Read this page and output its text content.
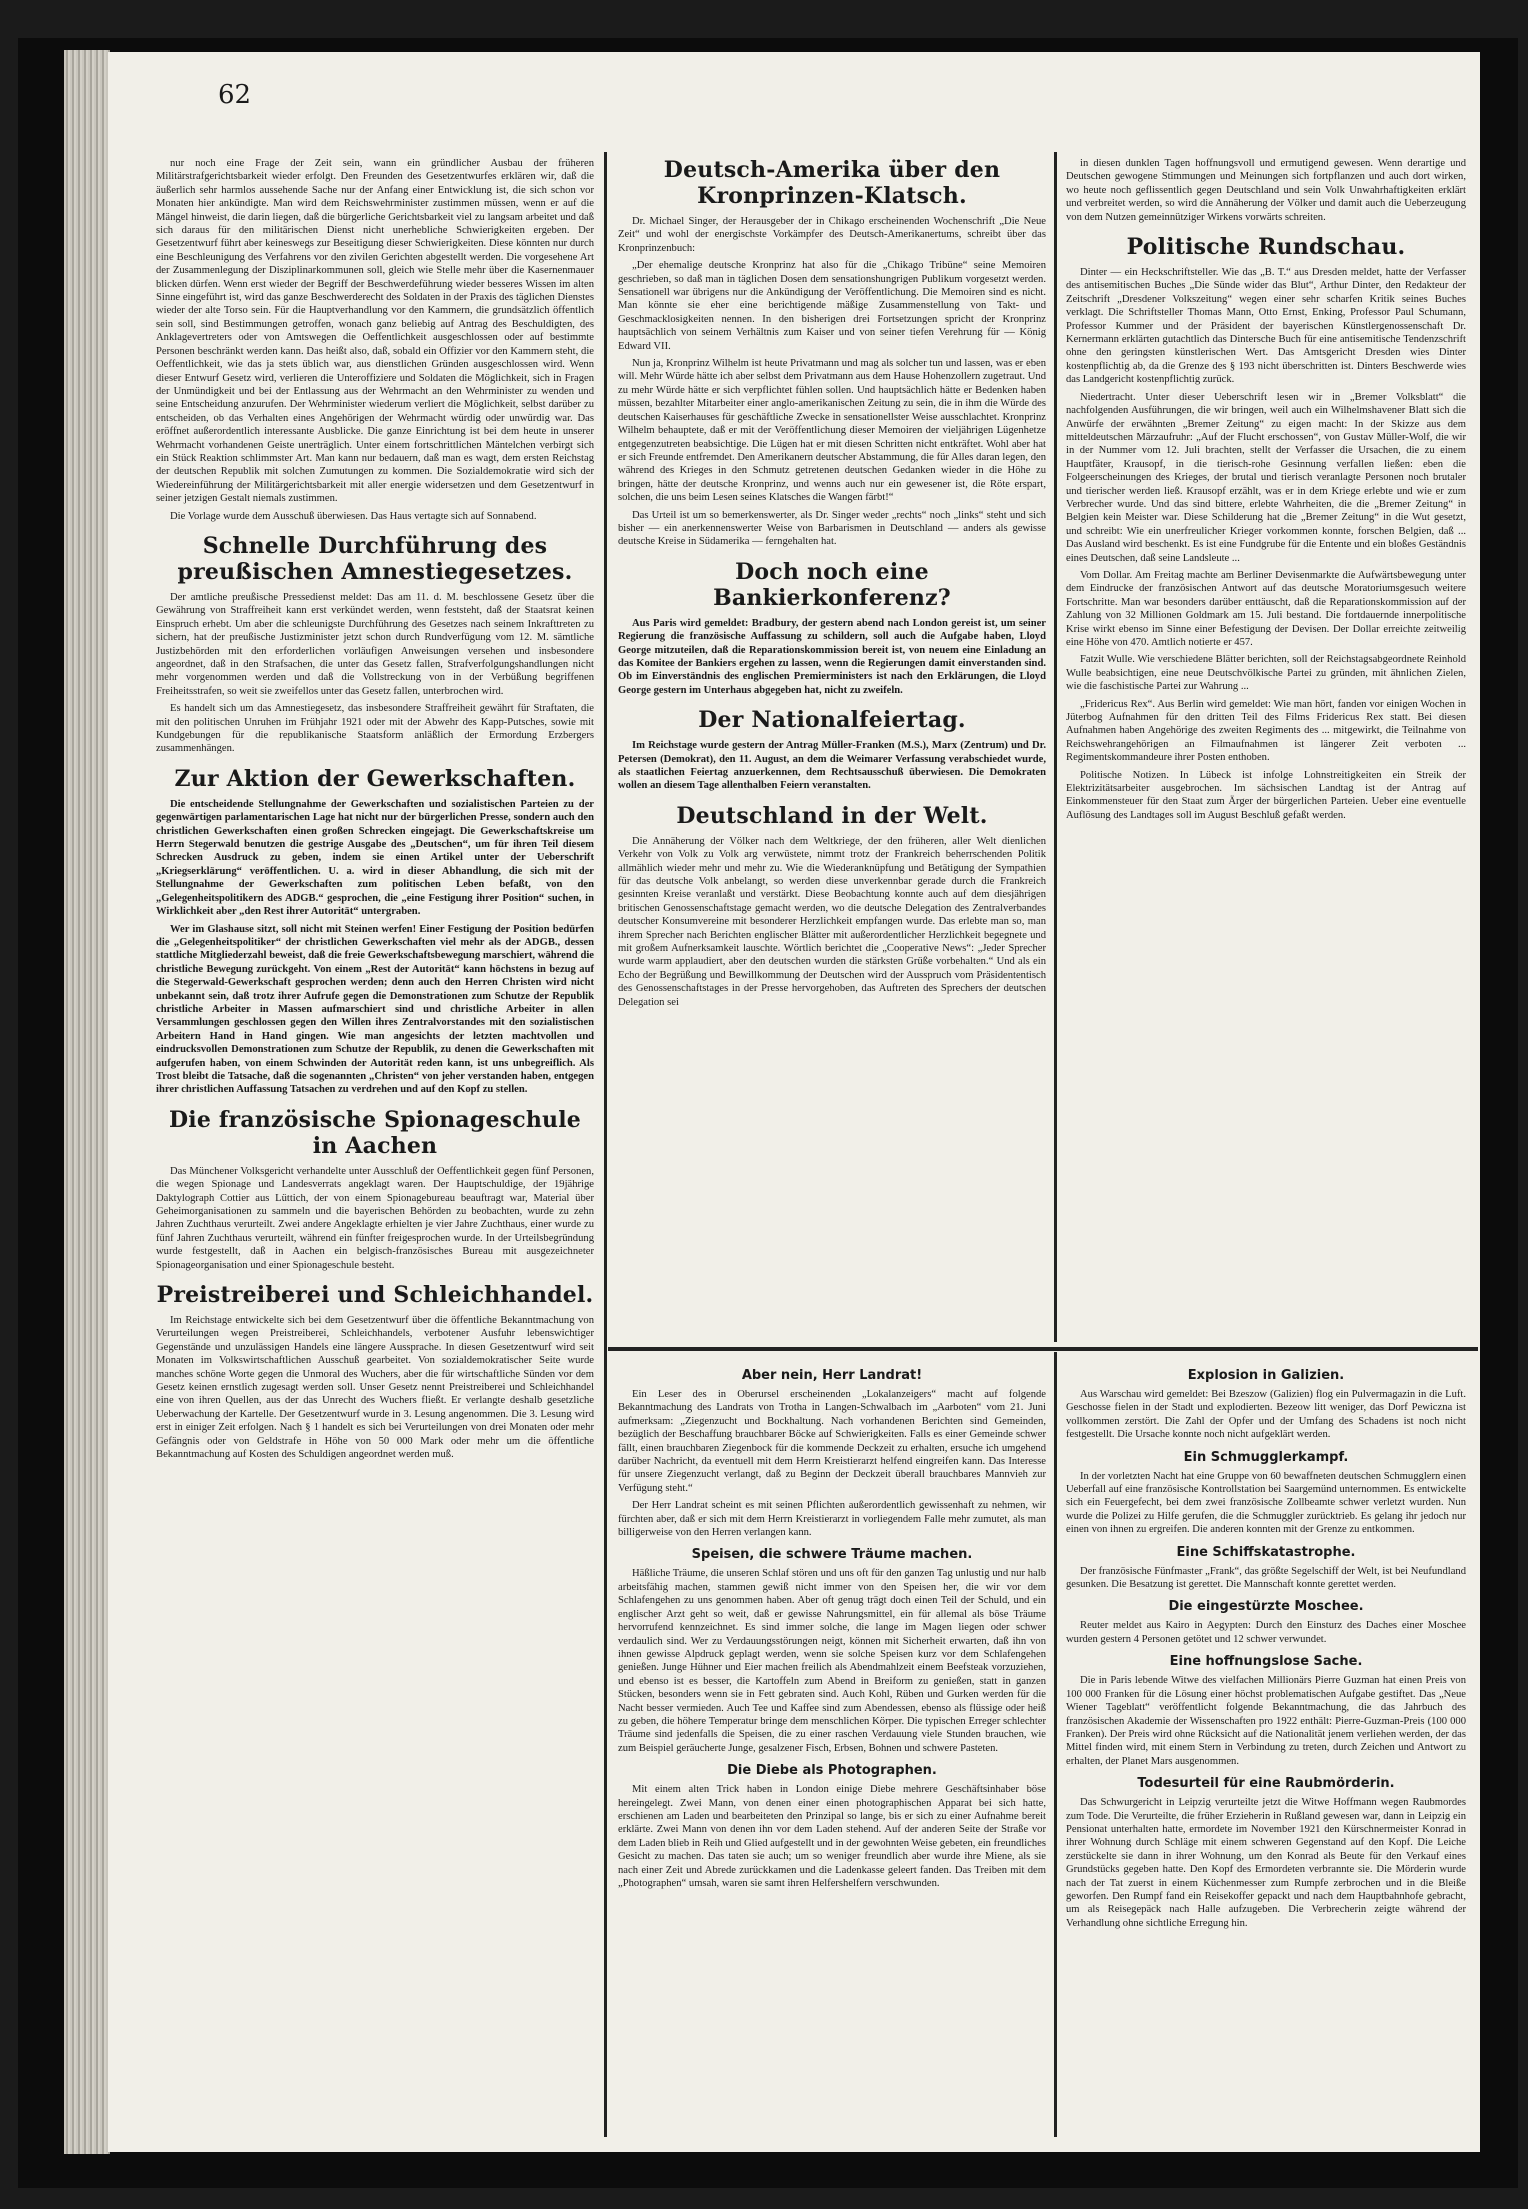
62

nur noch eine Frage der Zeit sein, wann ein gründlicher Ausbau der früheren Militärstrafgerichtsbarkeit wieder erfolgt. Den Freunden des Gesetzentwurfes erklären wir, daß die äußerlich sehr harmlos aussehende Sache nur der Anfang einer Entwicklung ist, die sich schon vor Monaten hier ankündigte. Man wird dem Reichswehrminister zustimmen müssen, wenn er auf die Mängel hinweist, die darin liegen, daß die bürgerliche Gerichtsbarkeit viel zu langsam arbeitet und daß sich daraus für den militärischen Dienst nicht unerhebliche Schwierigkeiten ergeben. Der Gesetzentwurf führt aber keineswegs zur Beseitigung dieser Schwierigkeiten. Diese könnten nur durch eine Beschleunigung des Verfahrens vor den zivilen Gerichten abgestellt werden. Die vorgesehene Art der Zusammenlegung der Disziplinarkommunen soll, gleich wie Stelle mehr über die Kasernenmauer blicken dürfen. Wenn erst wieder der Begriff der Beschwerdeführung wieder besseres Wissen im alten Sinne eingeführt ist, wird das ganze Beschwerderecht des Soldaten in der Praxis des täglichen Dienstes wieder der alte Torso sein. Für die Hauptverhandlung vor den Kammern, die grundsätzlich öffentlich sein soll, sind Bestimmungen getroffen, wonach ganz beliebig auf Antrag des Beschuldigten, des Anklagevertreters oder von Amtswegen die Oeffentlichkeit ausgeschlossen oder auf bestimmte Personen beschränkt werden kann. Das heißt also, daß, sobald ein Offizier vor den Kammern steht, die Oeffentlichkeit, wie das ja stets üblich war, aus dienstlichen Gründen ausgeschlossen wird. Wenn dieser Entwurf Gesetz wird, verlieren die Unteroffiziere und Soldaten die Möglichkeit, sich in Fragen der Unmündigkeit und bei der Entlassung aus der Wehrmacht an den Wehrminister zu wenden und seine Entscheidung anzurufen. Der Wehrminister wiederum verliert die Möglichkeit, selbst darüber zu entscheiden, ob das Verhalten eines Angehörigen der Wehrmacht würdig oder unwürdig war. Das eröffnet außerordentlich interessante Ausblicke. Die ganze Einrichtung ist bei dem heute in unserer Wehrmacht vorhandenen Geiste unerträglich. Unter einem fortschrittlichen Mäntelchen verbirgt sich ein Stück Reaktion schlimmster Art. Man kann nur bedauern, daß man es wagt, dem ersten Reichstag der deutschen Republik mit solchen Zumutungen zu kommen. Die Sozialdemokratie wird sich der Wiedereinführung der Militärgerichtsbarkeit mit aller energie widersetzen und dem Gesetzentwurf in seiner jetzigen Gestalt niemals zustimmen.

Die Vorlage wurde dem Ausschuß überwiesen. Das Haus vertagte sich auf Sonnabend.

Schnelle Durchführung des preußischen Amnestiegesetzes.

Der amtliche preußische Pressedienst meldet: Das am 11. d. M. beschlossene Gesetz über die Gewährung von Straffreiheit kann erst verkündet werden, wenn feststeht, daß der Staatsrat keinen Einspruch erhebt. Um aber die schleunigste Durchführung des Gesetzes nach seinem Inkrafttreten zu sichern, hat der preußische Justizminister jetzt schon durch Rundverfügung vom 12. M. sämtliche Justizbehörden mit den erforderlichen vorläufigen Anweisungen versehen und insbesondere angeordnet, daß in den Strafsachen, die unter das Gesetz fallen, Strafverfolgungshandlungen nicht mehr vorgenommen werden und daß die Vollstreckung von in der Verbüßung begriffenen Freiheitsstrafen, so weit sie zweifellos unter das Gesetz fallen, unterbrochen wird.

Es handelt sich um das Amnestiegesetz, das insbesondere Straffreiheit gewährt für Straftaten, die mit den politischen Unruhen im Frühjahr 1921 oder mit der Abwehr des Kapp-Putsches, sowie mit Kundgebungen für die republikanische Staatsform anläßlich der Ermordung Erzbergers zusammenhängen.

Zur Aktion der Gewerkschaften.

Die entscheidende Stellungnahme der Gewerkschaften und sozialistischen Parteien zu der gegenwärtigen parlamentarischen Lage hat nicht nur der bürgerlichen Presse, sondern auch den christlichen Gewerkschaften einen großen Schrecken eingejagt. Die Gewerkschaftskreise um Herrn Stegerwald benutzen die gestrige Ausgabe des „Deutschen“, um für ihren Teil diesem Schrecken Ausdruck zu geben, indem sie einen Artikel unter der Ueberschrift „Kriegserklärung“ veröffentlichen. U. a. wird in dieser Abhandlung, die sich mit der Stellungnahme der Gewerkschaften zum politischen Leben befaßt, von den „Gelegenheitspolitikern des ADGB.“ gesprochen, die „eine Festigung ihrer Position“ suchen, in Wirklichkeit aber „den Rest ihrer Autorität“ untergraben.

Wer im Glashause sitzt, soll nicht mit Steinen werfen! Einer Festigung der Position bedürfen die „Gelegenheitspolitiker“ der christlichen Gewerkschaften viel mehr als der ADGB., dessen stattliche Mitgliederzahl beweist, daß die freie Gewerkschaftsbewegung marschiert, während die christliche Bewegung zurückgeht. Von einem „Rest der Autorität“ kann höchstens in bezug auf die Stegerwald-Gewerkschaft gesprochen werden; denn auch den Herren Christen wird nicht unbekannt sein, daß trotz ihrer Aufrufe gegen die Demonstrationen zum Schutze der Republik christliche Arbeiter in Massen aufmarschiert sind und christliche Arbeiter in allen Versammlungen geschlossen gegen den Willen ihres Zentralvorstandes mit den sozialistischen Arbeitern Hand in Hand gingen. Wie man angesichts der letzten machtvollen und eindrucksvollen Demonstrationen zum Schutze der Republik, zu denen die Gewerkschaften mit aufgerufen haben, von einem Schwinden der Autorität reden kann, ist uns unbegreiflich. Als Trost bleibt die Tatsache, daß die sogenannten „Christen“ von jeher verstanden haben, entgegen ihrer christlichen Auffassung Tatsachen zu verdrehen und auf den Kopf zu stellen.

Die französische Spionageschule in Aachen

Das Münchener Volksgericht verhandelte unter Ausschluß der Oeffentlichkeit gegen fünf Personen, die wegen Spionage und Landesverrats angeklagt waren. Der Hauptschuldige, der 19jährige Daktylograph Cottier aus Lüttich, der von einem Spionagebureau beauftragt war, Material über Geheimorganisationen zu sammeln und die bayerischen Behörden zu beobachten, wurde zu zehn Jahren Zuchthaus verurteilt. Zwei andere Angeklagte erhielten je vier Jahre Zuchthaus, einer wurde zu fünf Jahren Zuchthaus verurteilt, während ein fünfter freigesprochen wurde. In der Urteilsbegründung wurde festgestellt, daß in Aachen ein belgisch-französisches Bureau mit ausgezeichneter Spionageorganisation und einer Spionageschule besteht.

Preistreiberei und Schleichhandel.

Im Reichstage entwickelte sich bei dem Gesetzentwurf über die öffentliche Bekanntmachung von Verurteilungen wegen Preistreiberei, Schleichhandels, verbotener Ausfuhr lebenswichtiger Gegenstände und unzulässigen Handels eine längere Aussprache. In diesen Gesetzentwurf wird seit Monaten im Volkswirtschaftlichen Ausschuß gearbeitet. Von sozialdemokratischer Seite wurde manches schöne Worte gegen die Unmoral des Wuchers, aber die für wirtschaftliche Sünden vor dem Gesetz keinen ernstlich zugesagt werden soll. Unser Gesetz nennt Preistreiberei und Schleichhandel eine von ihren Quellen, aus der das Unrecht des Wuchers fließt. Er verlangte deshalb gesetzliche Ueberwachung der Kartelle. Der Gesetzentwurf wurde in 3. Lesung angenommen. Die 3. Lesung wird erst in einiger Zeit erfolgen. Nach § 1 handelt es sich bei Verurteilungen von drei Monaten oder mehr Gefängnis oder von Geldstrafe in Höhe von 50 000 Mark oder mehr um die öffentliche Bekanntmachung auf Kosten des Schuldigen angeordnet werden muß.

Deutsch-Amerika über den Kronprinzen-Klatsch.

Dr. Michael Singer, der Herausgeber der in Chikago erscheinenden Wochenschrift „Die Neue Zeit“ und wohl der energischste Vorkämpfer des Deutsch-Amerikanertums, schreibt über das Kronprinzenbuch:

„Der ehemalige deutsche Kronprinz hat also für die „Chikago Tribüne“ seine Memoiren geschrieben, so daß man in täglichen Dosen dem sensationshungrigen Publikum vorgesetzt werden. Sensationell war übrigens nur die Ankündigung der Veröffentlichung. Die Memoiren sind es nicht. Man könnte sie eher eine berichtigende mäßige Zusammenstellung von Takt- und Geschmacklosigkeiten nennen. In den bisherigen drei Fortsetzungen spricht der Kronprinz hauptsächlich von seinem Verhältnis zum Kaiser und von seiner tiefen Verehrung für — König Edward VII.

Nun ja, Kronprinz Wilhelm ist heute Privatmann und mag als solcher tun und lassen, was er eben will. Mehr Würde hätte ich aber selbst dem Privatmann aus dem Hause Hohenzollern zugetraut. Und zu mehr Würde hätte er sich verpflichtet fühlen sollen. Und hauptsächlich hätte er Bedenken haben müssen, bezahlter Mitarbeiter einer anglo-amerikanischen Zeitung zu sein, die in ihm die Würde des deutschen Kaiserhauses für geschäftliche Zwecke in sensationellster Weise ausschlachtet. Kronprinz Wilhelm behauptete, daß er mit der Veröffentlichung dieser Memoiren der vieljährigen Lügenhetze entgegenzutreten beabsichtige. Die Lügen hat er mit diesen Schritten nicht entkräftet. Wohl aber hat er sich Freunde entfremdet. Den Amerikanern deutscher Abstammung, die für Alles daran legen, den während des Krieges in den Schmutz getretenen deutschen Gedanken wieder in die Höhe zu bringen, hätte der deutsche Kronprinz, und wenns auch nur ein gewesener ist, die Röte erspart, solchen, die uns beim Lesen seines Klatsches die Wangen färbt!“

Das Urteil ist um so bemerkenswerter, als Dr. Singer weder „rechts“ noch „links“ steht und sich bisher — ein anerkennenswerter Weise von Barbarismen in Deutschland — anders als gewisse deutsche Kreise in Südamerika — ferngehalten hat.

Doch noch eine Bankierkonferenz?

Aus Paris wird gemeldet: Bradbury, der gestern abend nach London gereist ist, um seiner Regierung die französische Auffassung zu schildern, soll auch die Aufgabe haben, Lloyd George mitzuteilen, daß die Reparationskommission bereit ist, von neuem eine Einladung an das Komitee der Bankiers ergehen zu lassen, wenn die Regierungen damit einverstanden sind. Ob im Einverständnis des englischen Premierministers ist nach den Erklärungen, die Lloyd George gestern im Unterhaus abgegeben hat, nicht zu zweifeln.

Der Nationalfeiertag.

Im Reichstage wurde gestern der Antrag Müller-Franken (M.S.), Marx (Zentrum) und Dr. Petersen (Demokrat), den 11. August, an dem die Weimarer Verfassung verabschiedet wurde, als staatlichen Feiertag anzuerkennen, dem Rechtsausschuß überwiesen. Die Demokraten wollen an diesem Tage allenthalben Feiern veranstalten.

Deutschland in der Welt.

Die Annäherung der Völker nach dem Weltkriege, der den früheren, aller Welt dienlichen Verkehr von Volk zu Volk arg verwüstete, nimmt trotz der Frankreich beherrschenden Politik allmählich wieder mehr und mehr zu. Wie die Wiederanknüpfung und Betätigung der Sympathien für das deutsche Volk anbelangt, so werden diese unverkennbar gerade durch die Frankreich gesinnten Kreise veranlaßt und verstärkt. Diese Beobachtung konnte auch auf dem diesjährigen britischen Genossenschaftstage gemacht werden, wo die deutsche Delegation des Zentralverbandes deutscher Konsumvereine mit besonderer Herzlichkeit empfangen wurde. Das erlebte man so, man ihrem Sprecher nach Berichten englischer Blätter mit außerordentlicher Herzlichkeit begegnete und mit großem Aufnerksamkeit lauschte. Wörtlich berichtet die „Cooperative News“: „Jeder Sprecher wurde warm applaudiert, aber den deutschen wurden die stärksten Grüße vorbehalten.“ Und als ein Echo der Begrüßung und Bewillkommung der Deutschen wird der Ausspruch vom Präsidententisch des Genossenschaftstages in der Presse hervorgehoben, das Auftreten des Sprechers der deutschen Delegation sei

in diesen dunklen Tagen hoffnungsvoll und ermutigend gewesen. Wenn derartige und Deutschen gewogene Stimmungen und Meinungen sich fortpflanzen und auch dort wirken, wo heute noch geflissentlich gegen Deutschland und sein Volk Unwahrhaftigkeiten erklärt und verbreitet werden, so wird die Annäherung der Völker und damit auch die Ueberzeugung von dem Nutzen gemeinnütziger Wirkens vorwärts schreiten.

Politische Rundschau.

Dinter — ein Heckschriftsteller. Wie das „B. T.“ aus Dresden meldet, hatte der Verfasser des antisemitischen Buches „Die Sünde wider das Blut“, Arthur Dinter, den Redakteur der Zeitschrift „Dresdener Volkszeitung“ wegen einer sehr scharfen Kritik seines Buches verklagt. Die Schriftsteller Thomas Mann, Otto Ernst, Enking, Professor Paul Schumann, Professor Kummer und der Präsident der bayerischen Künstlergenossenschaft Dr. Kernermann erklärten gutachtlich das Dintersche Buch für eine antisemitische Tendenzschrift ohne den geringsten künstlerischen Wert. Das Amtsgericht Dresden wies Dinter kostenpflichtig ab, da die Grenze des § 193 nicht überschritten ist. Dinters Beschwerde wies das Landgericht kostenpflichtig zurück.

Niedertracht. Unter dieser Ueberschrift lesen wir in „Bremer Volksblatt“ die nachfolgenden Ausführungen, die wir bringen, weil auch ein Wilhelmshavener Blatt sich die Anwürfe der erwähnten „Bremer Zeitung“ zu eigen macht: In der Skizze aus dem mitteldeutschen Märzaufruhr: „Auf der Flucht erschossen“, von Gustav Müller-Wolf, die wir in der Nummer vom 12. Juli brachten, stellt der Verfasser die Ursachen, die zu einem Hauptfäter, Krausopf, in die tierisch-rohe Gesinnung verfallen ließen: eben die Folgeerscheinungen des Krieges, der brutal und tierisch veranlagte Personen noch brutaler und tierischer werden ließ. Krausopf erzählt, was er in dem Kriege erlebte und wie er zum Verbrecher wurde. Und das sind bittere, erlebte Wahrheiten, die die „Bremer Zeitung“ in Belgien kein Meister war. Diese Schilderung hat die „Bremer Zeitung“ in die Wut gesetzt, und schreibt: Wie ein unerfreulicher Krieger vorkommen konnte, forschen Belgien, daß ... Das Ausland wird beschenkt. Es ist eine Fundgrube für die Entente und ein bloßes Geständnis eines Deutschen, daß seine Landsleute ...

Vom Dollar. Am Freitag machte am Berliner Devisenmarkte die Aufwärtsbewegung unter dem Eindrucke der französischen Antwort auf das deutsche Moratoriumsgesuch weitere Fortschritte. Man war besonders darüber enttäuscht, daß die Reparationskommission auf der Zahlung von 32 Millionen Goldmark am 15. Juli bestand. Die fortdauernde innerpolitische Krise wirkt ebenso im Sinne einer Befestigung der Devisen. Der Dollar erreichte zeitweilig eine Höhe von 470. Amtlich notierte er 457.

Fatzit Wulle. Wie verschiedene Blätter berichten, soll der Reichstagsabgeordnete Reinhold Wulle beabsichtigen, eine neue Deutschvölkische Partei zu gründen, mit ähnlichen Zielen, wie die faschistische Partei zur Wahrung ...

„Fridericus Rex“. Aus Berlin wird gemeldet: Wie man hört, fanden vor einigen Wochen in Jüterbog Aufnahmen für den dritten Teil des Films Fridericus Rex statt. Bei diesen Aufnahmen haben Angehörige des zweiten Regiments des ... mitgewirkt, die Teilnahme von Reichswehrangehörigen an Filmaufnahmen ist längerer Zeit verboten ... Regimentskommandeure ihrer Posten enthoben.

Politische Notizen. In Lübeck ist infolge Lohnstreitigkeiten ein Streik der Elektrizitätsarbeiter ausgebrochen. Im sächsischen Landtag ist der Antrag auf Einkommensteuer für den Staat zum Ärger der bürgerlichen Parteien. Ueber eine eventuelle Auflösung des Landtages soll im August Beschluß gefaßt werden.

Aber nein, Herr Landrat!

Ein Leser des in Oberursel erscheinenden „Lokalanzeigers“ macht auf folgende Bekanntmachung des Landrats von Trotha in Langen-Schwalbach im „Aarboten“ vom 21. Juni aufmerksam: „Ziegenzucht und Bockhaltung. Nach vorhandenen Berichten sind Gemeinden, bezüglich der Beschaffung brauchbarer Böcke auf Schwierigkeiten. Falls es einer Gemeinde schwer fällt, einen brauchbaren Ziegenbock für die kommende Deckzeit zu erhalten, ersuche ich umgehend darüber Nachricht, da eventuell mit dem Herrn Kreistierarzt helfend eingreifen kann. Das Interesse für unsere Ziegenzucht verlangt, daß zu Beginn der Deckzeit überall brauchbares Mannvieh zur Verfügung steht.“

Der Herr Landrat scheint es mit seinen Pflichten außerordentlich gewissenhaft zu nehmen, wir fürchten aber, daß er sich mit dem Herrn Kreistierarzt in vorliegendem Falle mehr zumutet, als man billigerweise von den Herren verlangen kann.

Speisen, die schwere Träume machen.

Häßliche Träume, die unseren Schlaf stören und uns oft für den ganzen Tag unlustig und nur halb arbeitsfähig machen, stammen gewiß nicht immer von den Speisen her, die wir vor dem Schlafengehen zu uns genommen haben. Aber oft genug trägt doch einen Teil der Schuld, und ein englischer Arzt geht so weit, daß er gewisse Nahrungsmittel, ein für allemal als böse Träume hervorrufend kennzeichnet. Es sind immer solche, die lange im Magen liegen oder schwer verdaulich sind. Wer zu Verdauungsstörungen neigt, können mit Sicherheit erwarten, daß ihn von ihnen gewisse Alpdruck geplagt werden, wenn sie solche Speisen kurz vor dem Schlafengehen genießen. Junge Hühner und Eier machen freilich als Abendmahlzeit einem Beefsteak vorzuziehen, und ebenso ist es besser, die Kartoffeln zum Abend in Breiform zu genießen, statt in ganzen Stücken, besonders wenn sie in Fett gebraten sind. Auch Kohl, Rüben und Gurken werden für die Nacht besser vermieden. Auch Tee und Kaffee sind zum Abendessen, ebenso als flüssige oder heiß zu geben, die höhere Temperatur bringe dem menschlichen Körper. Die typischen Erreger schlechter Träume sind jedenfalls die Speisen, die zu einer raschen Verdauung viele Stunden brauchen, wie zum Beispiel geräucherte Junge, gesalzener Fisch, Erbsen, Bohnen und schwere Pasteten.

Die Diebe als Photographen.

Mit einem alten Trick haben in London einige Diebe mehrere Geschäftsinhaber böse hereingelegt. Zwei Mann, von denen einer einen photographischen Apparat bei sich hatte, erschienen am Laden und bearbeiteten den Prinzipal so lange, bis er sich zu einer Aufnahme bereit erklärte. Zwei Mann von denen ihn vor dem Laden stehend. Auf der anderen Seite der Straße vor dem Laden blieb in Reih und Glied aufgestellt und in der gewohnten Weise gebeten, ein freundliches Gesicht zu machen. Das taten sie auch; um so weniger freundlich aber wurde ihre Miene, als sie nach einer Zeit und Abrede zurückkamen und die Ladenkasse geleert fanden. Das Treiben mit dem „Photographen“ umsah, waren sie samt ihren Helfershelfern verschwunden.

Explosion in Galizien.

Aus Warschau wird gemeldet: Bei Bzeszow (Galizien) flog ein Pulvermagazin in die Luft. Geschosse fielen in der Stadt und explodierten. Bezeow litt weniger, das Dorf Pewiczna ist vollkommen zerstört. Die Zahl der Opfer und der Umfang des Schadens ist noch nicht festgestellt. Die Ursache konnte noch nicht aufgeklärt werden.

Ein Schmugglerkampf.

In der vorletzten Nacht hat eine Gruppe von 60 bewaffneten deutschen Schmugglern einen Ueberfall auf eine französische Kontrollstation bei Saargemünd unternommen. Es entwickelte sich ein Feuergefecht, bei dem zwei französische Zollbeamte schwer verletzt wurden. Nun wurde die Polizei zu Hilfe gerufen, die die Schmuggler zurücktrieb. Es gelang ihr jedoch nur einen von ihnen zu ergreifen. Die anderen konnten mit der Grenze zu entkommen.

Eine Schiffskatastrophe.

Der französische Fünfmaster „Frank“, das größte Segelschiff der Welt, ist bei Neufundland gesunken. Die Besatzung ist gerettet. Die Mannschaft konnte gerettet werden.

Die eingestürzte Moschee.

Reuter meldet aus Kairo in Aegypten: Durch den Einsturz des Daches einer Moschee wurden gestern 4 Personen getötet und 12 schwer verwundet.

Eine hoffnungslose Sache.

Die in Paris lebende Witwe des vielfachen Millionärs Pierre Guzman hat einen Preis von 100 000 Franken für die Lösung einer höchst problematischen Aufgabe gestiftet. Das „Neue Wiener Tageblatt“ veröffentlicht folgende Bekanntmachung, die das Jahrbuch des französischen Akademie der Wissenschaften pro 1922 enthält: Pierre-Guzman-Preis (100 000 Franken). Der Preis wird ohne Rücksicht auf die Nationalität jenem verliehen werden, der das Mittel finden wird, mit einem Stern in Verbindung zu treten, durch Zeichen und Antwort zu erhalten, der Planet Mars ausgenommen.

Todesurteil für eine Raubmörderin.

Das Schwurgericht in Leipzig verurteilte jetzt die Witwe Hoffmann wegen Raubmordes zum Tode. Die Verurteilte, die früher Erzieherin in Rußland gewesen war, dann in Leipzig ein Pensionat unterhalten hatte, ermordete im November 1921 den Kürschnermeister Konrad in ihrer Wohnung durch Schläge mit einem schweren Gegenstand auf den Kopf. Die Leiche zerstückelte sie dann in ihrer Wohnung, um den Konrad als Beute für den Verkauf eines Grundstücks gegeben hatte. Den Kopf des Ermordeten verbrannte sie. Die Mörderin wurde nach der Tat zuerst in einem Küchenmesser zum Rumpfe zerbrochen und in die Bleiße geworfen. Den Rumpf fand ein Reisekoffer gepackt und nach dem Hauptbahnhofe gebracht, um als Reisegepäck nach Halle aufzugeben. Die Verbrecherin zeigte während der Verhandlung ohne sichtliche Erregung hin.
